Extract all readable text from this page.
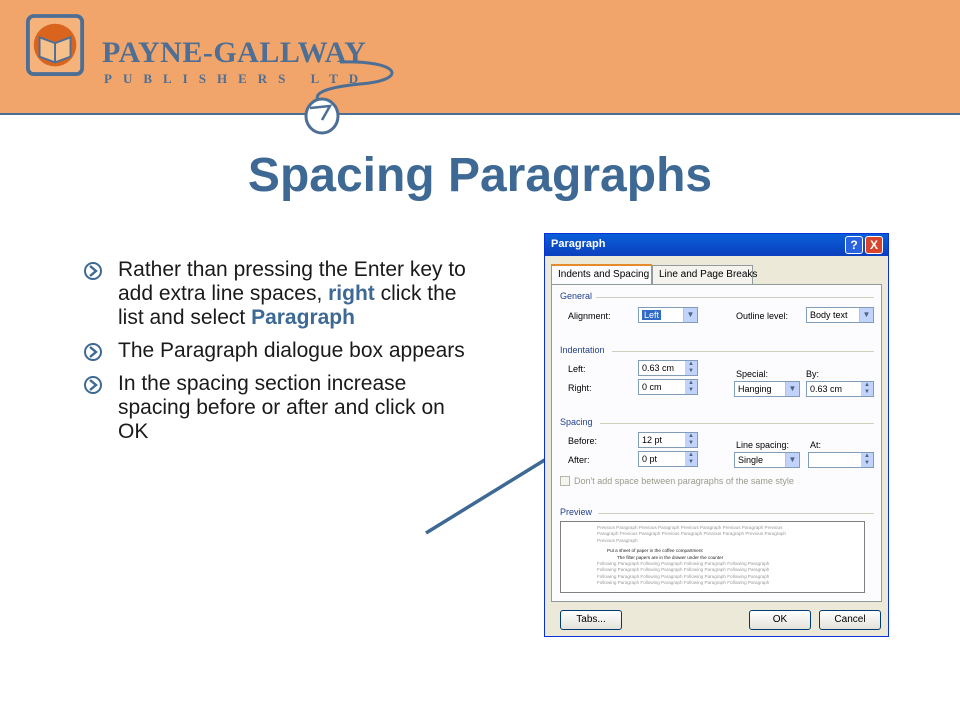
PAYNE-GALLWAY
PUBLISHERS LTD
Spacing Paragraphs
Rather than pressing the Enter key to add extra line spaces, right click the list and select Paragraph
The Paragraph dialogue box appears
In the spacing section increase spacing before or after and click on OK
Paragraph	?	X
Indents and Spacing Line and Page Breaks
General
Alignment:	Left	▼	Outline level:	Body text	▼
Indentation
Left:	0.63 cm	▲
▼
Right:	0 cm	▲
▼
Special:	By:
Hanging	▼	0.63 cm	▲
▼
Spacing
Before:	12 pt	▲
▼
After:	0 pt	▲
▼
Line spacing: At:
Single	▼	▲
▼
Don't add space between paragraphs of the same style
Preview
Previous Paragraph Previous Paragraph Previous Paragraph Previous Paragraph Previous
Paragraph Previous Paragraph Previous Paragraph Previous Paragraph Previous Paragraph
Previous Paragraph
Put a sheet of paper in the coffee compartment
The filter papers are in the drawer under the counter
Following Paragraph Following Paragraph Following Paragraph Following Paragraph
Following Paragraph Following Paragraph Following Paragraph Following Paragraph
Following Paragraph Following Paragraph Following Paragraph Following Paragraph
Following Paragraph Following Paragraph Following Paragraph Following Paragraph
Tabs...	OK	Cancel
